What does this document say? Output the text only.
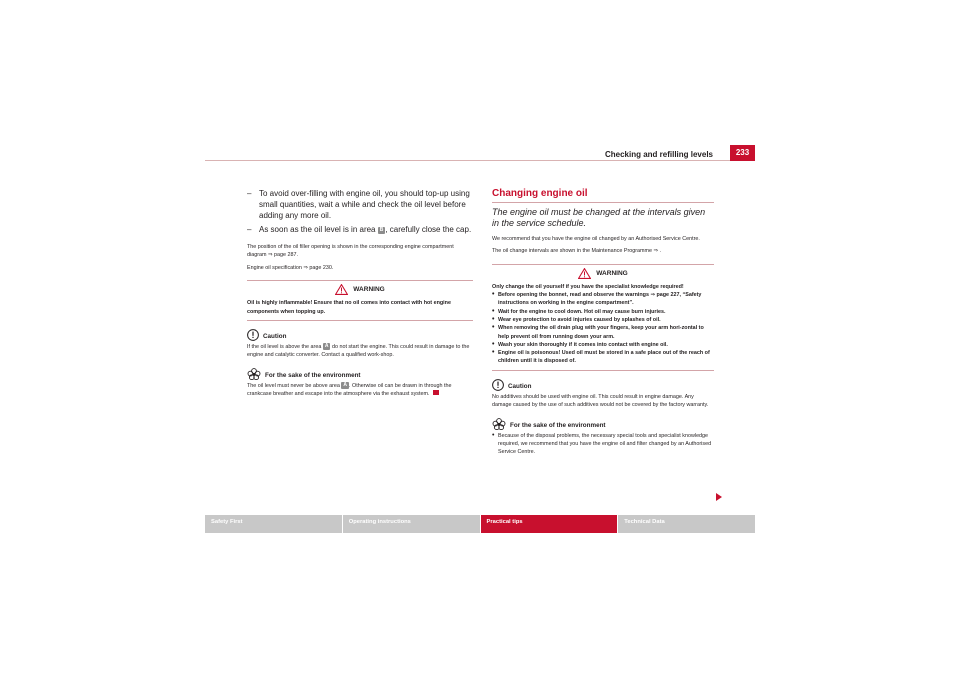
Checking and refilling levels	233
– To avoid over-filling with engine oil, you should top-up using small quantities, wait a while and check the oil level before adding any more oil.
– As soon as the oil level is in area B , carefully close the cap.

The position of the oil filler opening is shown in the corresponding engine compartment diagram ⇒ page 287.

Engine oil specification ⇒ page 230.

WARNING

Oil is highly inflammable! Ensure that no oil comes into contact with hot engine components when topping up.

Caution

If the oil level is above the area A do not start the engine. This could result in damage to the engine and catalytic converter. Contact a qualified work-shop.

For the sake of the environment

The oil level must never be above area A . Otherwise oil can be drawn in through the crankcase breather and escape into the atmosphere via the exhaust system.

Changing engine oil

The engine oil must be changed at the intervals given in the service schedule.

We recommend that you have the engine oil changed by an Authorised Service Centre.

The oil change intervals are shown in the Maintenance Programme ⇒ .

WARNING

Only change the oil yourself if you have the specialist knowledge required!

• Before opening the bonnet, read and observe the warnings ⇒ page 227, “Safety instructions on working in the engine compartment”.
• Wait for the engine to cool down. Hot oil may cause burn injuries.
• Wear eye protection to avoid injuries caused by splashes of oil.
• When removing the oil drain plug with your fingers, keep your arm hori-zontal to help prevent oil from running down your arm.
• Wash your skin thoroughly if it comes into contact with engine oil.
• Engine oil is poisonous! Used oil must be stored in a safe place out of the reach of children until it is disposed of.
Caution

No additives should be used with engine oil. This could result in engine damage. Any damage caused by the use of such additives would not be covered by the factory warranty.

For the sake of the environment
• Because of the disposal problems, the necessary special tools and specialist knowledge required, we recommend that you have the engine oil and filter changed by an Authorised Service Centre.
Safety First	Operating instructions	Practical tips	Technical Data
